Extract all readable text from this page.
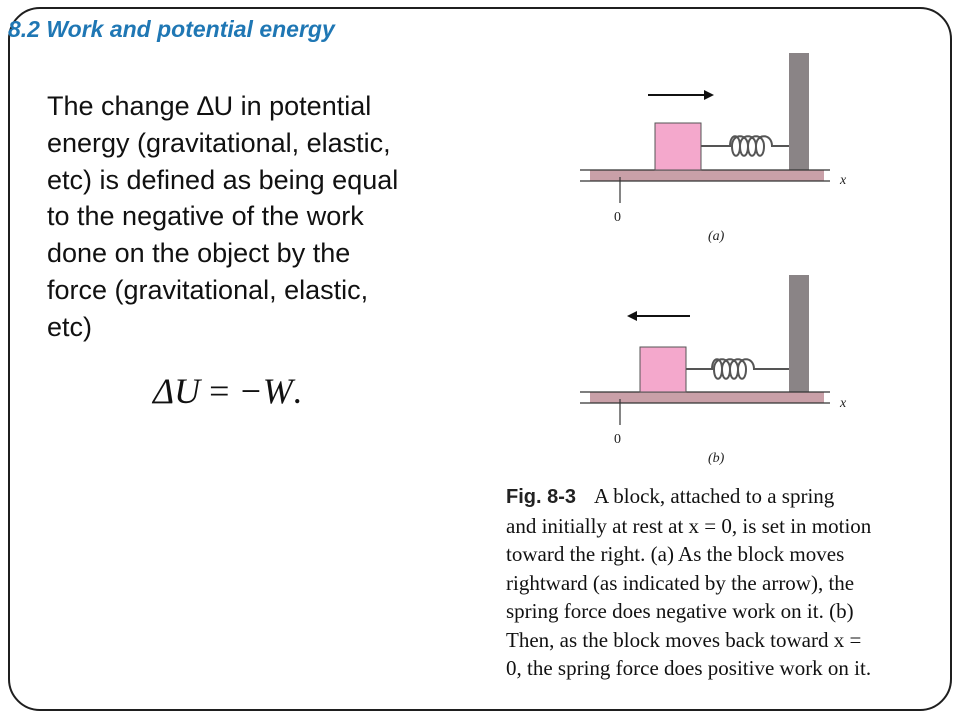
8.2 Work and potential energy
The change ∆U in potential
energy (gravitational, elastic,
etc) is defined as being equal
to the negative of the work
done on the object by the
force (gravitational, elastic,
etc)
ΔU = −W.
x
0
(a)
x
0
(b)
Fig. 8-3 A block, attached to a spring
and initially at rest at x = 0, is set in motion
toward the right. (a) As the block moves
rightward (as indicated by the arrow), the
spring force does negative work on it. (b)
Then, as the block moves back toward x =
0, the spring force does positive work on it.
